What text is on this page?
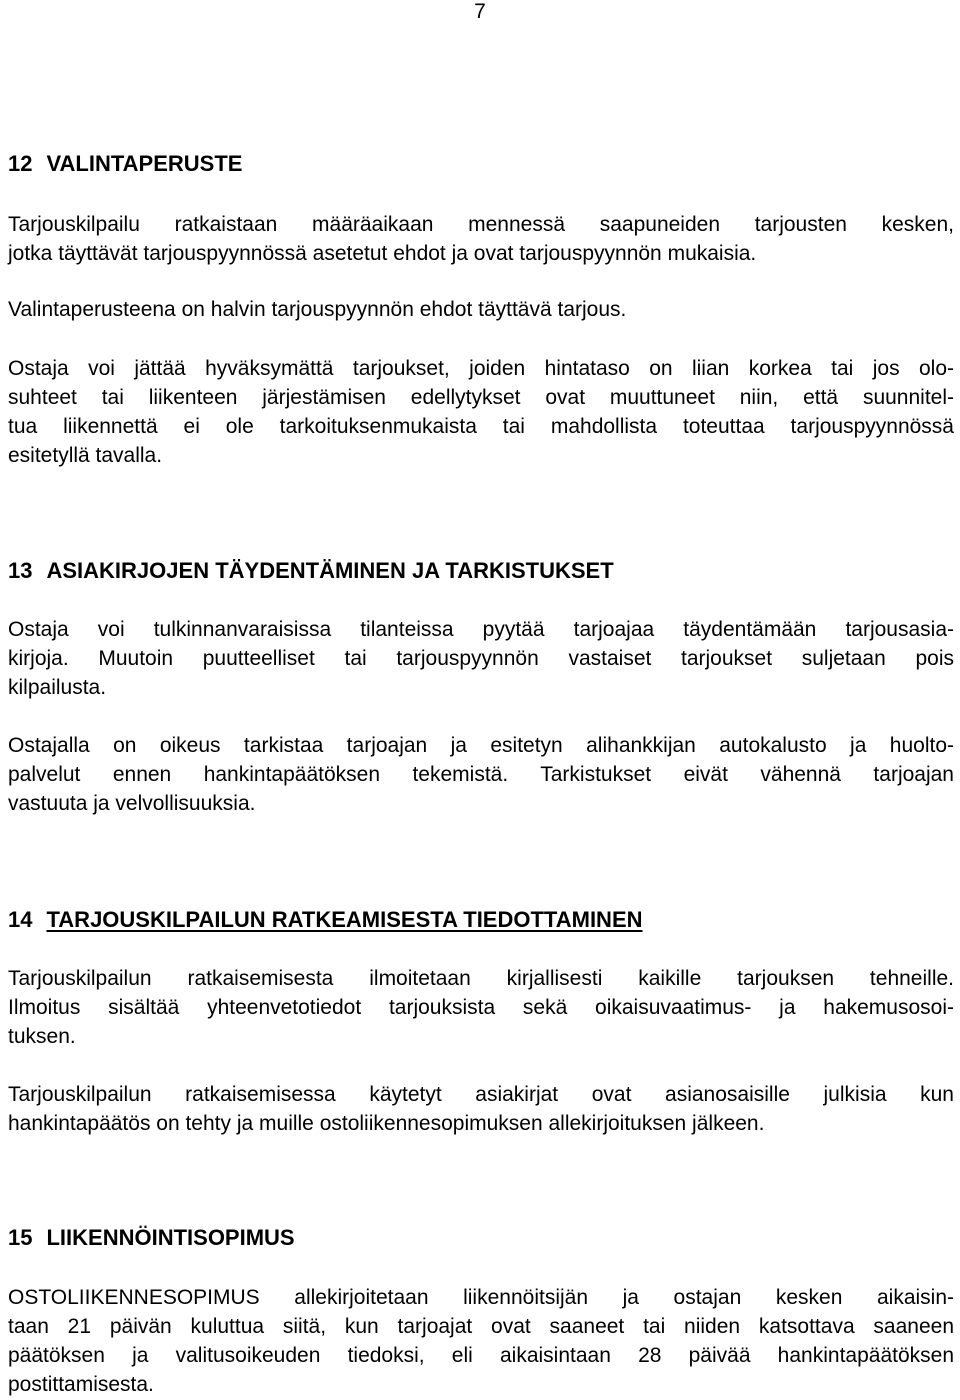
7
12 VALINTAPERUSTE
Tarjouskilpailu ratkaistaan määräaikaan mennessä saapuneiden tarjousten kesken,
jotka täyttävät tarjouspyynnössä asetetut ehdot ja ovat tarjouspyynnön mukaisia.
Valintaperusteena on halvin tarjouspyynnön ehdot täyttävä tarjous.
Ostaja voi jättää hyväksymättä tarjoukset, joiden hintataso on liian korkea tai jos olo-
suhteet tai liikenteen järjestämisen edellytykset ovat muuttuneet niin, että suunnitel-
tua liikennettä ei ole tarkoituksenmukaista tai mahdollista toteuttaa tarjouspyynnössä
esitetyllä tavalla.
13 ASIAKIRJOJEN TÄYDENTÄMINEN JA TARKISTUKSET
Ostaja voi tulkinnanvaraisissa tilanteissa pyytää tarjoajaa täydentämään tarjousasia-
kirjoja. Muutoin puutteelliset tai tarjouspyynnön vastaiset tarjoukset suljetaan pois
kilpailusta.
Ostajalla on oikeus tarkistaa tarjoajan ja esitetyn alihankkijan autokalusto ja huolto-
palvelut ennen hankintapäätöksen tekemistä. Tarkistukset eivät vähennä tarjoajan
vastuuta ja velvollisuuksia.
14 TARJOUSKILPAILUN RATKEAMISESTA TIEDOTTAMINEN
Tarjouskilpailun ratkaisemisesta ilmoitetaan kirjallisesti kaikille tarjouksen tehneille.
Ilmoitus sisältää yhteenvetotiedot tarjouksista sekä oikaisuvaatimus- ja hakemusosoi-
tuksen.
Tarjouskilpailun ratkaisemisessa käytetyt asiakirjat ovat asianosaisille julkisia kun
hankintapäätös on tehty ja muille ostoliikennesopimuksen allekirjoituksen jälkeen.
15 LIIKENNÖINTISOPIMUS
OSTOLIIKENNESOPIMUS allekirjoitetaan liikennöitsijän ja ostajan kesken aikaisin-
taan 21 päivän kuluttua siitä, kun tarjoajat ovat saaneet tai niiden katsottava saaneen
päätöksen ja valitusoikeuden tiedoksi, eli aikaisintaan 28 päivää hankintapäätöksen
postittamisesta.
